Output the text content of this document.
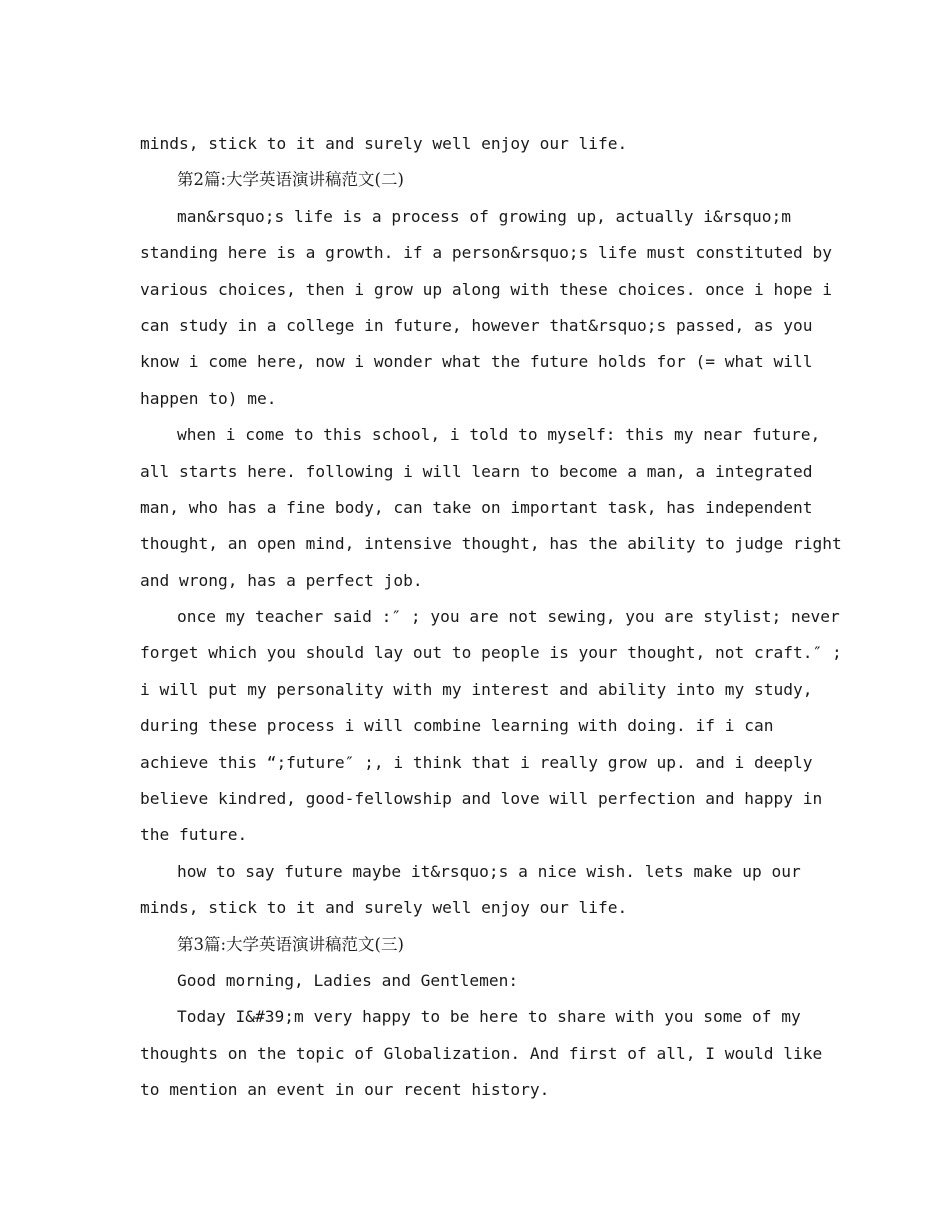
minds, stick to it and surely well enjoy our life.
第2篇:大学英语演讲稿范文(二)
man&rsquo;s life is a process of growing up, actually i&rsquo;m
standing here is a growth. if a person&rsquo;s life must constituted by
various choices, then i grow up along with these choices. once i hope i
can study in a college in future, however that&rsquo;s passed, as you
know i come here, now i wonder what the future holds for (= what will
happen to) me.
when i come to this school, i told to myself: this my near future,
all starts here. following i will learn to become a man, a integrated
man, who has a fine body, can take on important task, has independent
thought, an open mind, intensive thought, has the ability to judge right
and wrong, has a perfect job.
once my teacher said :″ ; you are not sewing, you are stylist; never
forget which you should lay out to people is your thought, not craft.″ ;
i will put my personality with my interest and ability into my study,
during these process i will combine learning with doing. if i can
achieve this “;future″ ;, i think that i really grow up. and i deeply
believe kindred, good-fellowship and love will perfection and happy in
the future.
how to say future maybe it&rsquo;s a nice wish. lets make up our
minds, stick to it and surely well enjoy our life.
第3篇:大学英语演讲稿范文(三)
Good morning, Ladies and Gentlemen:
Today I&#39;m very happy to be here to share with you some of my
thoughts on the topic of Globalization. And first of all, I would like
to mention an event in our recent history.
